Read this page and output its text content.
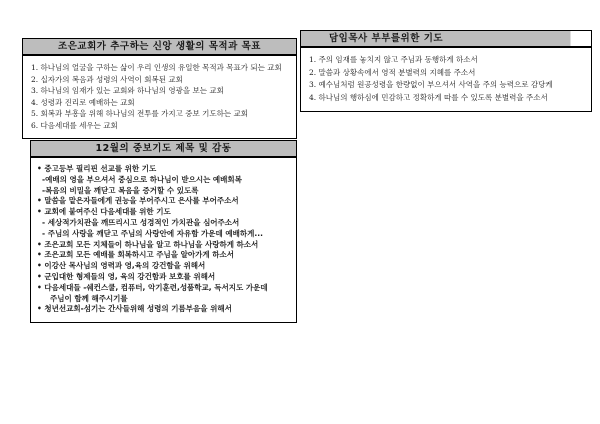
조은교회가 추구하는 신앙 생활의 목적과 목표
1. 하나님의 얼굴을 구하는 삶이 우리 인생의 유일한 목적과 목표가 되는 교회
2. 십자가의 복음과 성령의 사역이 회복된 교회
3. 하나님의 임재가 있는 교회와 하나님의 영광을 보는 교회
4. 성령과 진리로 예배하는 교회
5. 회복과 부흥을 위해 하나님의 전투를 가지고 중보 기도하는 교회
6. 다음세대를 세우는 교회
담임목사 부부를위한 기도
1. 주의 임재를 놓치지 않고 주님과 동행하게 하소서
2. 말씀과 상황속에서 영적 분별력의 지혜를 주소서
3. 예수님처럼 원공성령을 한량없이 부으셔서 사역을 주의 능력으로 감당케
4. 하나님의 행하심에 민감하고 정확하게 따를 수 있도록 분별력을 주소서
12월의 중보기도 제목 및 감동
• 중고등부 필리핀 선교를 위한 기도
-예배의 영을 부으셔서 중심으로 하나님이 받으시는 예배회복
-복음의 비밀을 깨닫고 복음을 증거할 수 있도록
• 말씀을 맡은자들에게 권능을 부어주시고 은사를 부어주소서
• 교회에 붙여주신 다음세대를 위한 기도
- 세상적가치관을 깨뜨리시고 성경적인 가치관을 심어주소서
- 주님의 사랑을 깨닫고 주님의 사랑안에 자유함 가운데 예배하게...
• 조은교회 모든 지체들이 하나님을 알고 하나님을 사랑하게 하소서
• 조은교회 모든 예배를 회복하시고 주님을 알아가게 하소서
• 이강산 목사님의 영력과 영,육의 강건함을 위해서
• 군입대한 형제들의 영, 육의 강건함과 보호를 위해서
• 다음세대들 -쉐컨스쿨, 컴퓨터, 악기훈련,성품학교, 독서지도 가운데
주님이 함께 해주시기를
• 청년선교회-섬기는 간사들위해 성령의 기름부음을 위해서
